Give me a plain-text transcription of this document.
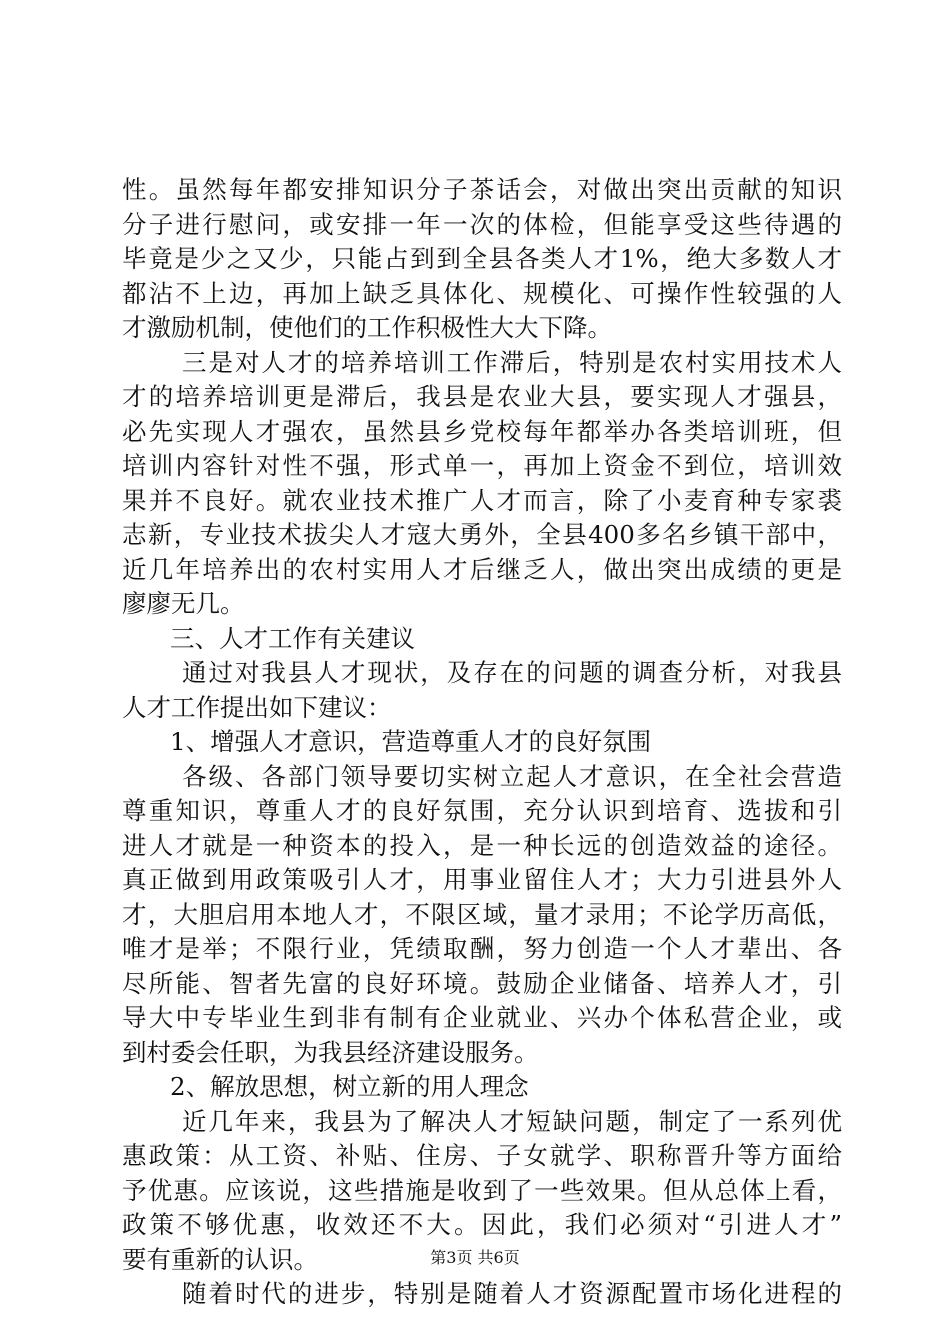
性。虽然每年都安排知识分子茶话会，对做出突出贡献的知识
分子进行慰问，或安排一年一次的体检，但能享受这些待遇的
毕竟是少之又少，只能占到到全县各类人才1%，绝大多数人才
都沾不上边，再加上缺乏具体化、规模化、可操作性较强的人
才激励机制，使他们的工作积极性大大下降。
三是对人才的培养培训工作滞后，特别是农村实用技术人
才的培养培训更是滞后，我县是农业大县，要实现人才强县，
必先实现人才强农，虽然县乡党校每年都举办各类培训班，但
培训内容针对性不强，形式单一，再加上资金不到位，培训效
果并不良好。就农业技术推广人才而言，除了小麦育种专家裘
志新，专业技术拔尖人才寇大勇外，全县400多名乡镇干部中，
近几年培养出的农村实用人才后继乏人，做出突出成绩的更是
廖廖无几。
三、人才工作有关建议
通过对我县人才现状，及存在的问题的调查分析，对我县
人才工作提出如下建议：
1、增强人才意识，营造尊重人才的良好氛围
各级、各部门领导要切实树立起人才意识，在全社会营造
尊重知识，尊重人才的良好氛围，充分认识到培育、选拔和引
进人才就是一种资本的投入，是一种长远的创造效益的途径。
真正做到用政策吸引人才，用事业留住人才；大力引进县外人
才，大胆启用本地人才，不限区域，量才录用；不论学历高低，
唯才是举；不限行业，凭绩取酬，努力创造一个人才辈出、各
尽所能、智者先富的良好环境。鼓励企业储备、培养人才，引
导大中专毕业生到非有制有企业就业、兴办个体私营企业，或
到村委会任职，为我县经济建设服务。
2、解放思想，树立新的用人理念
近几年来，我县为了解决人才短缺问题，制定了一系列优
惠政策：从工资、补贴、住房、子女就学、职称晋升等方面给
予优惠。应该说，这些措施是收到了一些效果。但从总体上看，
政策不够优惠，收效还不大。因此，我们必须对“引进人才”
要有重新的认识。
随着时代的进步，特别是随着人才资源配置市场化进程的
第3页 共6页
